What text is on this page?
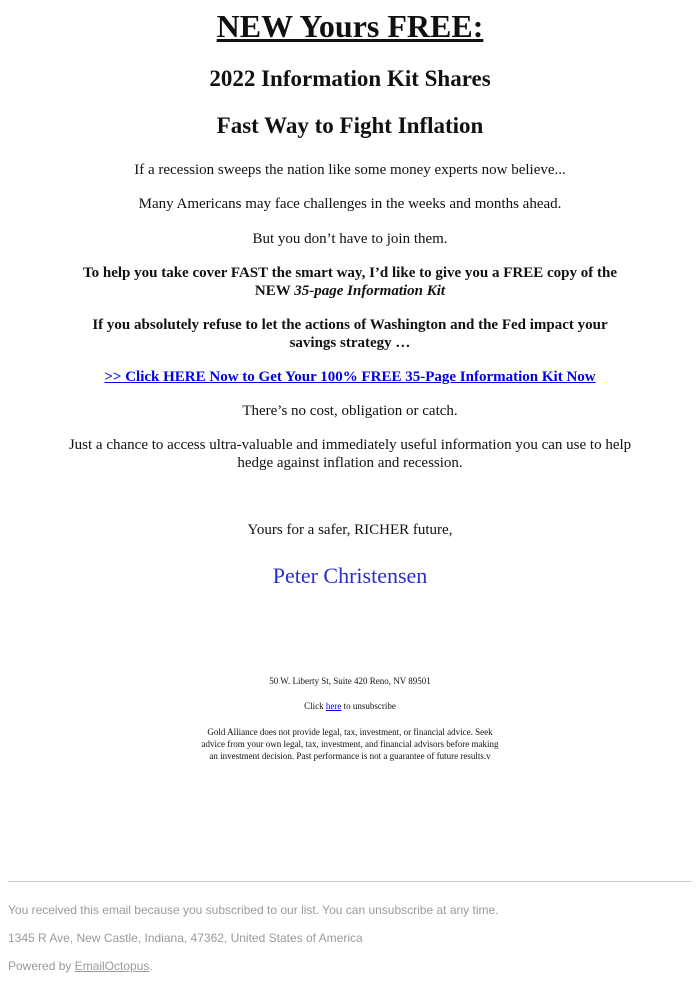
NEW Yours FREE:
2022 Information Kit Shares
Fast Way to Fight Inflation
If a recession sweeps the nation like some money experts now believe...
Many Americans may face challenges in the weeks and months ahead.
But you don’t have to join them.
To help you take cover FAST the smart way, I’d like to give you a FREE copy of the
NEW 35-page Information Kit
If you absolutely refuse to let the actions of Washington and the Fed impact your
savings strategy …
>> Click HERE Now to Get Your 100% FREE 35-Page Information Kit Now
There’s no cost, obligation or catch.
Just a chance to access ultra-valuable and immediately useful information you can use to help
hedge against inflation and recession.
Yours for a safer, RICHER future,
Peter Christensen
50 W. Liberty St, Suite 420 Reno, NV 89501
Click here to unsubscribe
Gold Alliance does not provide legal, tax, investment, or financial advice. Seek
advice from your own legal, tax, investment, and financial advisors before making
an investment decision. Past performance is not a guarantee of future results.v
You received this email because you subscribed to our list. You can unsubscribe at any time.
1345 R Ave, New Castle, Indiana, 47362, United States of America
Powered by EmailOctopus.
